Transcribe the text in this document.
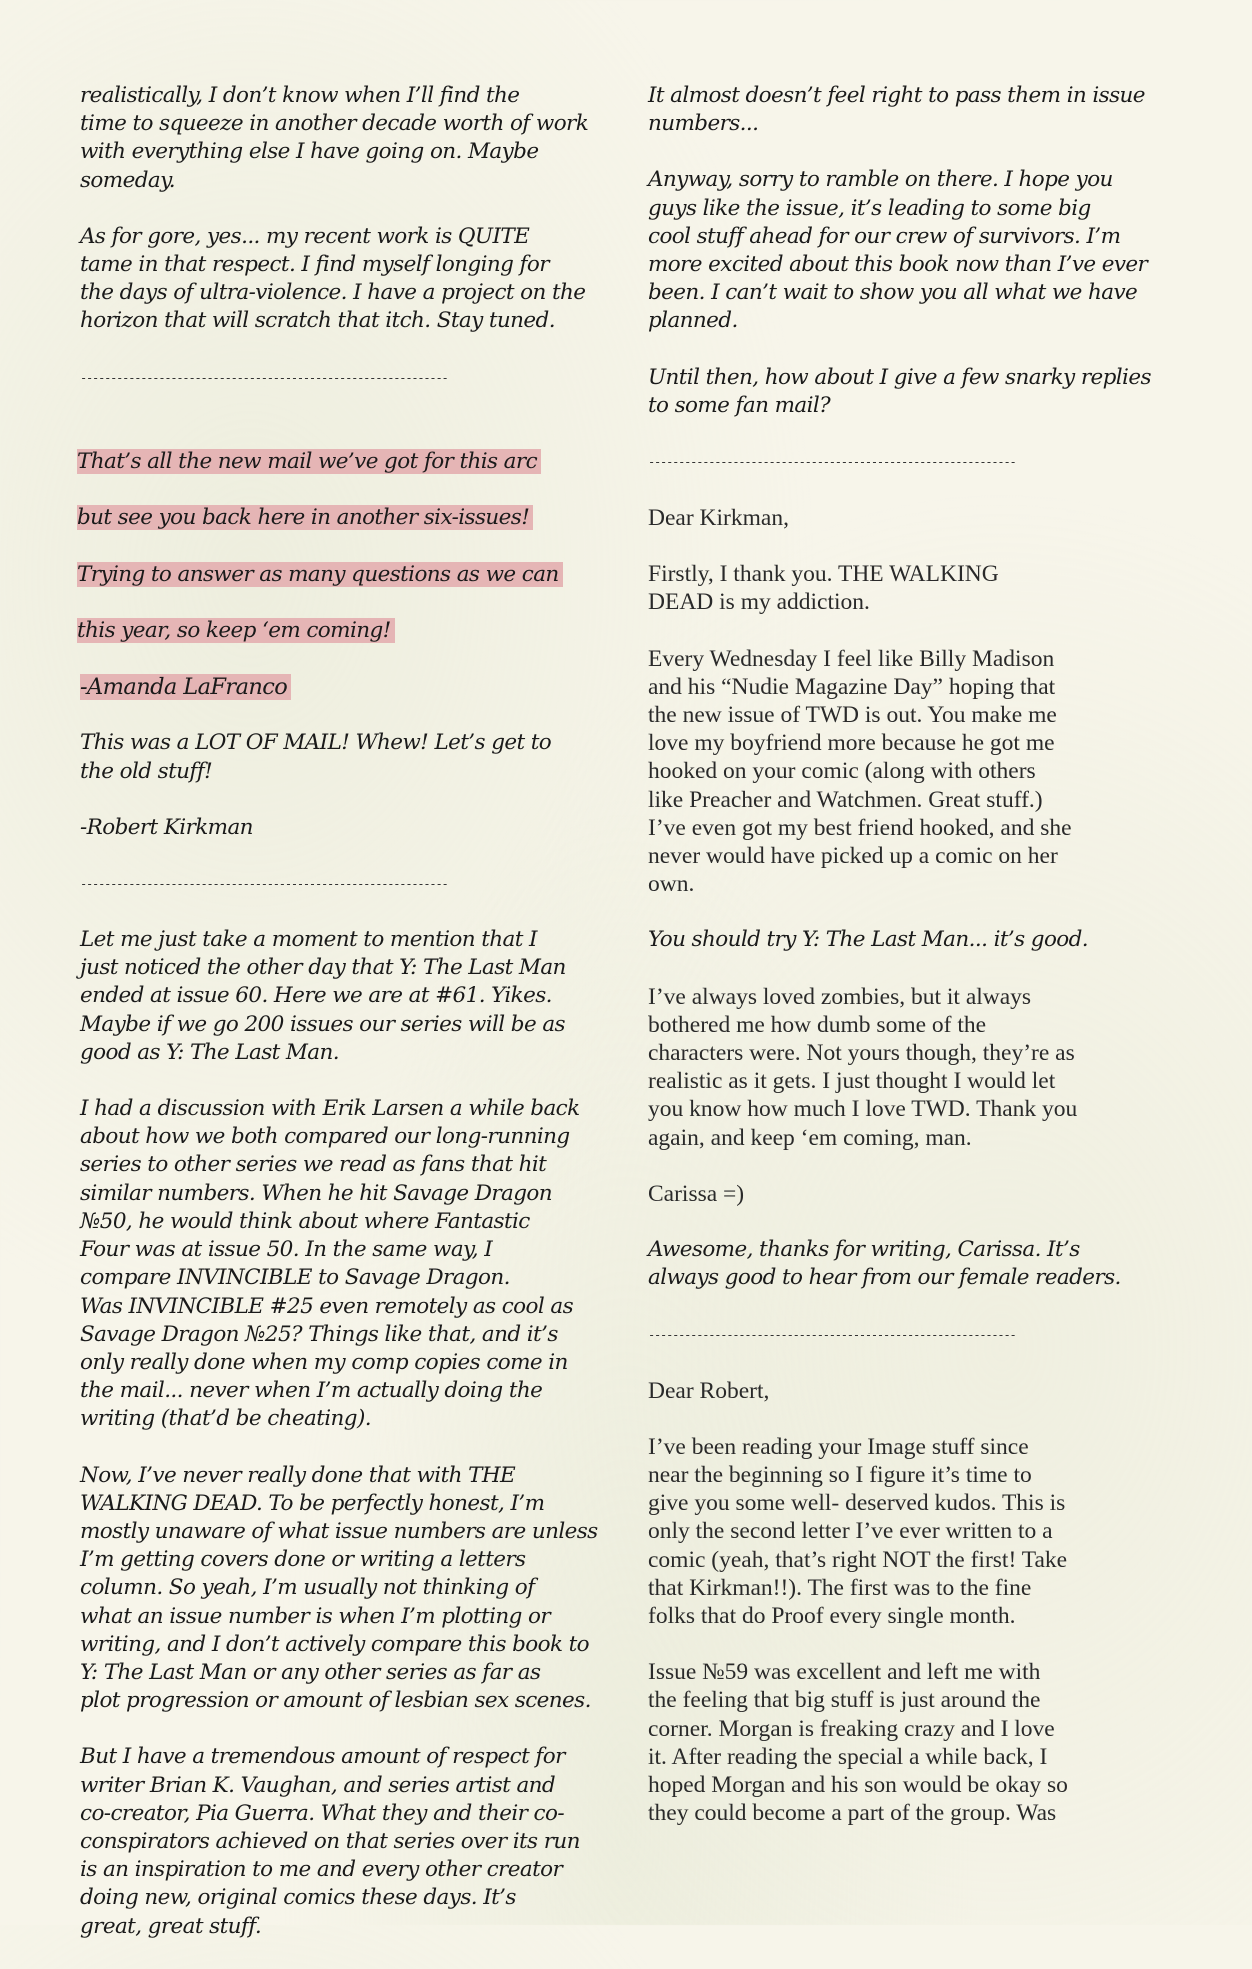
realistically, I don’t know when I’ll find the
time to squeeze in another decade worth of work
with everything else I have going on. Maybe
someday.

As for gore, yes... my recent work is QUITE
tame in that respect. I find myself longing for
the days of ultra-violence. I have a project on the
horizon that will scratch that itch. Stay tuned.

-------------------------------------------------------------

That’s all the new mail we’ve got for this arc

but see you back here in another six-issues!

Trying to answer as many questions as we can

this year, so keep ‘em coming!

-Amanda LaFranco

This was a LOT OF MAIL! Whew! Let’s get to
the old stuff!

-Robert Kirkman

-------------------------------------------------------------

Let me just take a moment to mention that I
just noticed the other day that Y: The Last Man
ended at issue 60. Here we are at #61. Yikes.
Maybe if we go 200 issues our series will be as
good as Y: The Last Man.

I had a discussion with Erik Larsen a while back
about how we both compared our long-running
series to other series we read as fans that hit
similar numbers. When he hit Savage Dragon
№50, he would think about where Fantastic
Four was at issue 50. In the same way, I
compare INVINCIBLE to Savage Dragon.
Was INVINCIBLE #25 even remotely as cool as
Savage Dragon №25? Things like that, and it’s
only really done when my comp copies come in
the mail... never when I’m actually doing the
writing (that’d be cheating).

Now, I’ve never really done that with THE
WALKING DEAD. To be perfectly honest, I’m
mostly unaware of what issue numbers are unless
I’m getting covers done or writing a letters
column. So yeah, I’m usually not thinking of
what an issue number is when I’m plotting or
writing, and I don’t actively compare this book to
Y: The Last Man or any other series as far as
plot progression or amount of lesbian sex scenes.

But I have a tremendous amount of respect for
writer Brian K. Vaughan, and series artist and
co-creator, Pia Guerra. What they and their co-
conspirators achieved on that series over its run
is an inspiration to me and every other creator
doing new, original comics these days. It’s
great, great stuff.

It almost doesn’t feel right to pass them in issue
numbers...

Anyway, sorry to ramble on there. I hope you
guys like the issue, it’s leading to some big
cool stuff ahead for our crew of survivors. I’m
more excited about this book now than I’ve ever
been. I can’t wait to show you all what we have
planned.

Until then, how about I give a few snarky replies
to some fan mail?

-------------------------------------------------------------

Dear Kirkman,

Firstly, I thank you. THE WALKING
DEAD is my addiction.

Every Wednesday I feel like Billy Madison
and his “Nudie Magazine Day” hoping that
the new issue of TWD is out. You make me
love my boyfriend more because he got me
hooked on your comic (along with others
like Preacher and Watchmen. Great stuff.)
I’ve even got my best friend hooked, and she
never would have picked up a comic on her
own.

You should try Y: The Last Man... it’s good.

I’ve always loved zombies, but it always
bothered me how dumb some of the
characters were. Not yours though, they’re as
realistic as it gets. I just thought I would let
you know how much I love TWD. Thank you
again, and keep ‘em coming, man.

Carissa =)

Awesome, thanks for writing, Carissa. It’s
always good to hear from our female readers.

-------------------------------------------------------------

Dear Robert,

I’ve been reading your Image stuff since
near the beginning so I figure it’s time to
give you some well- deserved kudos. This is
only the second letter I’ve ever written to a
comic (yeah, that’s right NOT the first! Take
that Kirkman!!). The first was to the fine
folks that do Proof every single month.

Issue №59 was excellent and left me with
the feeling that big stuff is just around the
corner. Morgan is freaking crazy and I love
it. After reading the special a while back, I
hoped Morgan and his son would be okay so
they could become a part of the group. Was
